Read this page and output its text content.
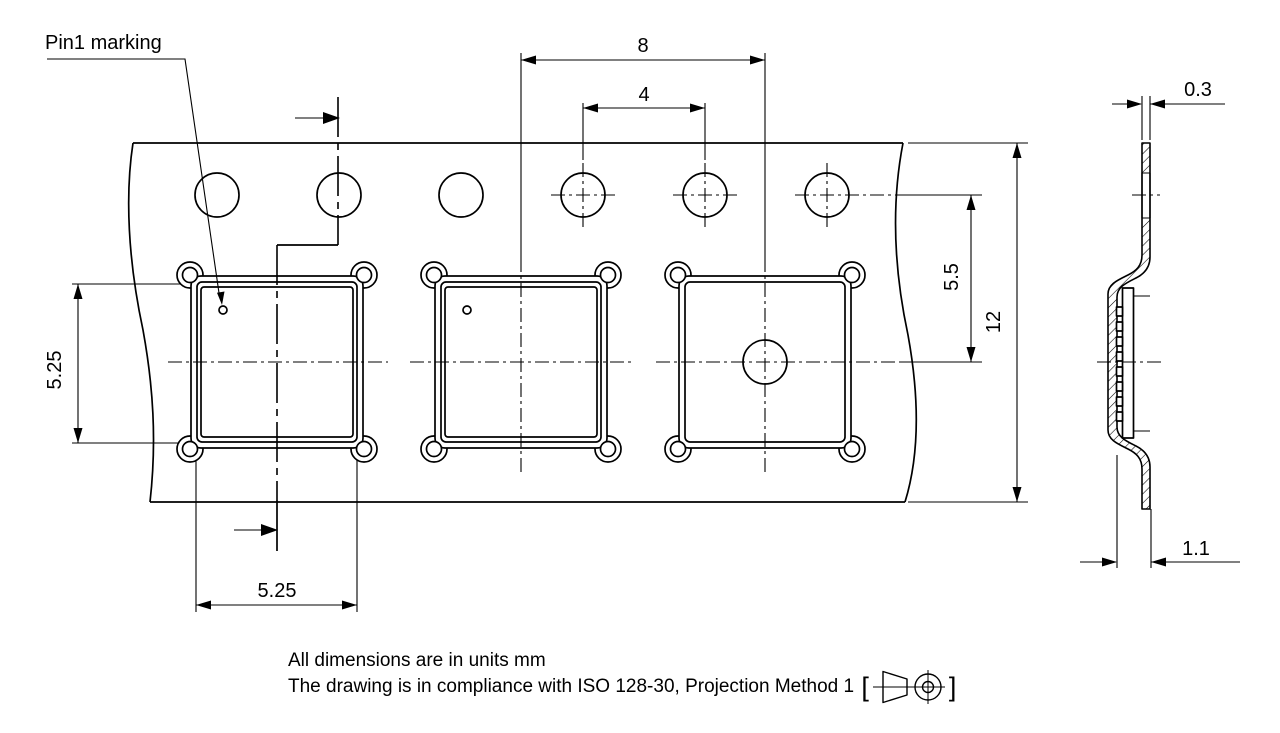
Pin1 marking	8
4
5.25
5.25
5.5
12
0.3
1.1
All dimensions are in units mm
The drawing is in compliance with ISO 128-30, Projection Method 1 [	]
